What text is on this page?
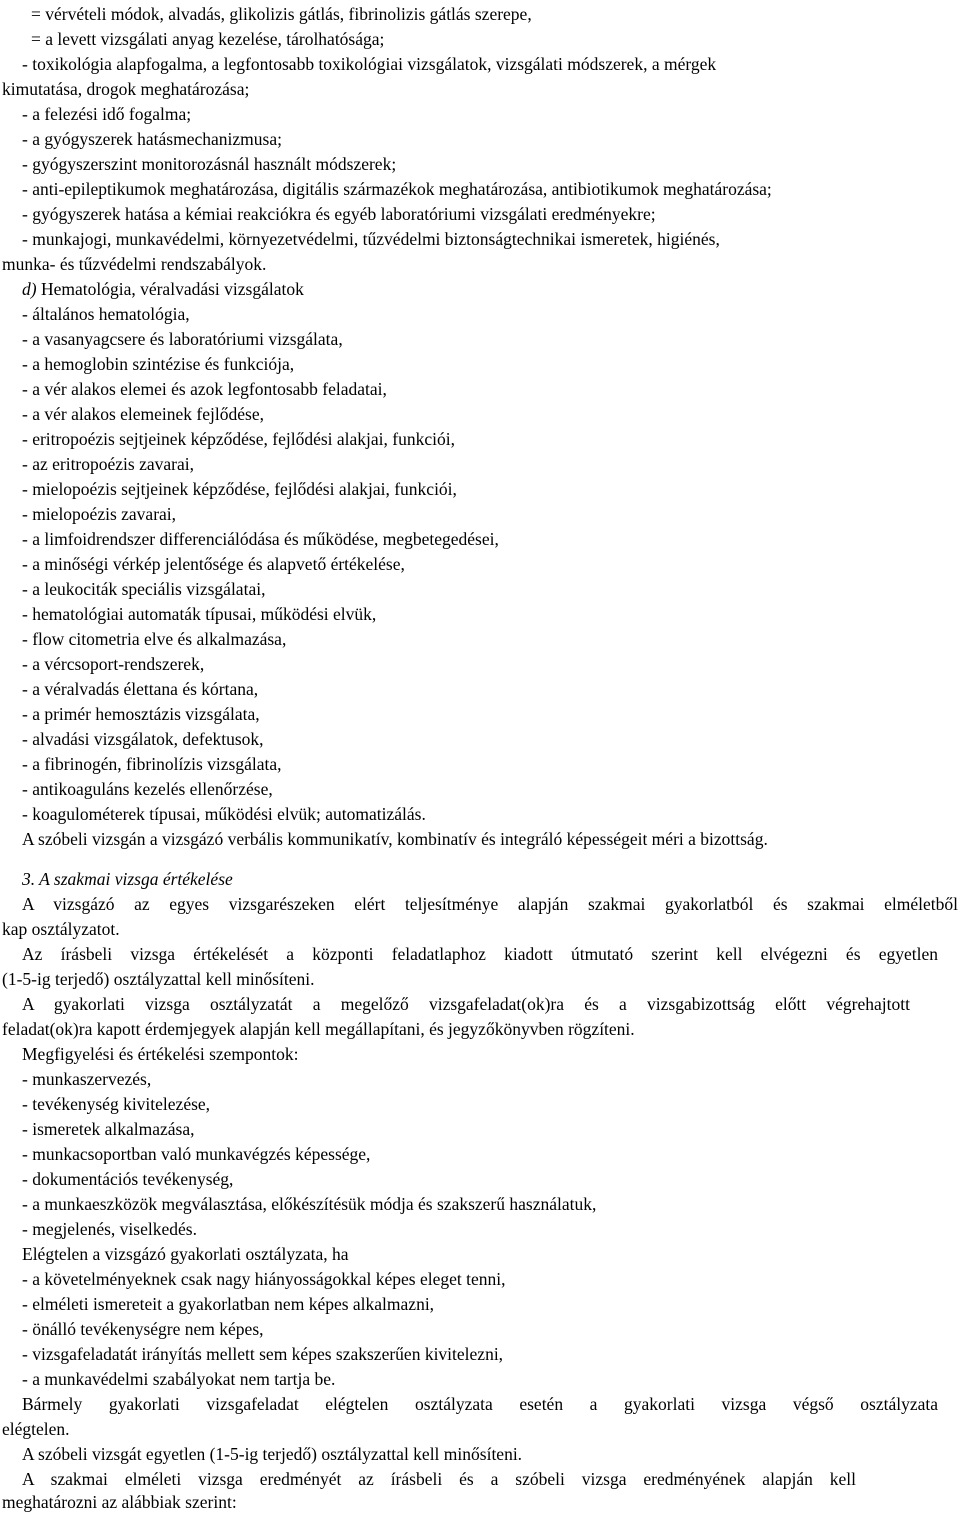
= vérvételi módok, alvadás, glikolizis gátlás, fibrinolizis gátlás szerepe,
= a levett vizsgálati anyag kezelése, tárolhatósága;
- toxikológia alapfogalma, a legfontosabb toxikológiai vizsgálatok, vizsgálati módszerek, a mérgek
kimutatása, drogok meghatározása;
- a felezési idő fogalma;
- a gyógyszerek hatásmechanizmusa;
- gyógyszerszint monitorozásnál használt módszerek;
- anti-epileptikumok meghatározása, digitális származékok meghatározása, antibiotikumok meghatározása;
- gyógyszerek hatása a kémiai reakciókra és egyéb laboratóriumi vizsgálati eredményekre;
- munkajogi, munkavédelmi, környezetvédelmi, tűzvédelmi biztonságtechnikai ismeretek, higiénés,
munka- és tűzvédelmi rendszabályok.
d) Hematológia, véralvadási vizsgálatok
- általános hematológia,
- a vasanyagcsere és laboratóriumi vizsgálata,
- a hemoglobin szintézise és funkciója,
- a vér alakos elemei és azok legfontosabb feladatai,
- a vér alakos elemeinek fejlődése,
- eritropoézis sejtjeinek képződése, fejlődési alakjai, funkciói,
- az eritropoézis zavarai,
- mielopoézis sejtjeinek képződése, fejlődési alakjai, funkciói,
- mielopoézis zavarai,
- a limfoidrendszer differenciálódása és működése, megbetegedései,
- a minőségi vérkép jelentősége és alapvető értékelése,
- a leukociták speciális vizsgálatai,
- hematológiai automaták típusai, működési elvük,
- flow citometria elve és alkalmazása,
- a vércsoport-rendszerek,
- a véralvadás élettana és kórtana,
- a primér hemosztázis vizsgálata,
- alvadási vizsgálatok, defektusok,
- a fibrinogén, fibrinolízis vizsgálata,
- antikoaguláns kezelés ellenőrzése,
- koagulométerek típusai, működési elvük; automatizálás.
A szóbeli vizsgán a vizsgázó verbális kommunikatív, kombinatív és integráló képességeit méri a bizottság.
3. A szakmai vizsga értékelése
A vizsgázó az egyes vizsgarészeken elért teljesítménye alapján szakmai gyakorlatból és szakmai elméletből
kap osztályzatot.
Az írásbeli vizsga értékelését a központi feladatlaphoz kiadott útmutató szerint kell elvégezni és egyetlen
(1-5-ig terjedő) osztályzattal kell minősíteni.
A gyakorlati vizsga osztályzatát a megelőző vizsgafeladat(ok)ra és a vizsgabizottság előtt végrehajtott
feladat(ok)ra kapott érdemjegyek alapján kell megállapítani, és jegyzőkönyvben rögzíteni.
Megfigyelési és értékelési szempontok:
- munkaszervezés,
- tevékenység kivitelezése,
- ismeretek alkalmazása,
- munkacsoportban való munkavégzés képessége,
- dokumentációs tevékenység,
- a munkaeszközök megválasztása, előkészítésük módja és szakszerű használatuk,
- megjelenés, viselkedés.
Elégtelen a vizsgázó gyakorlati osztályzata, ha
- a követelményeknek csak nagy hiányosságokkal képes eleget tenni,
- elméleti ismereteit a gyakorlatban nem képes alkalmazni,
- önálló tevékenységre nem képes,
- vizsgafeladatát irányítás mellett sem képes szakszerűen kivitelezni,
- a munkavédelmi szabályokat nem tartja be.
Bármely gyakorlati vizsgafeladat elégtelen osztályzata esetén a gyakorlati vizsga végső osztályzata
elégtelen.
A szóbeli vizsgát egyetlen (1-5-ig terjedő) osztályzattal kell minősíteni.
A szakmai elméleti vizsga eredményét az írásbeli és a szóbeli vizsga eredményének alapján kell
meghatározni az alábbiak szerint:
